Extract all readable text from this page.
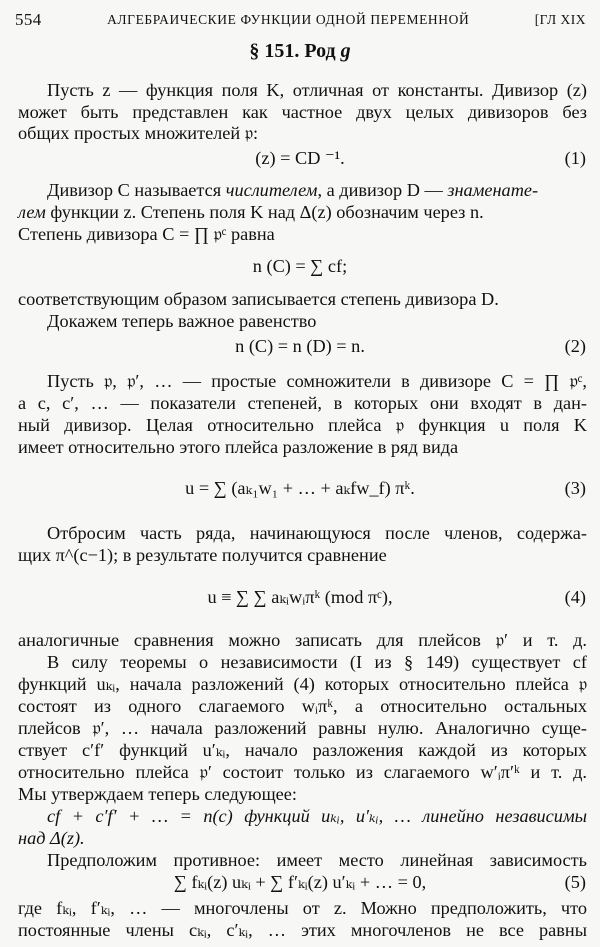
554	АЛГЕБРАИЧЕСКИЕ ФУНКЦИИ ОДНОЙ ПЕРЕМЕННОЙ	[ГЛ XIX
§ 151. Род g
Пусть z — функция поля K, отличная от константы. Дивизор (z)
может быть представлен как частное двух целых дивизоров без
общих простых множителей 𝔭:
(z) = CD ⁻¹.	(1)
Дивизор C называется числителем, а дивизор D — знаменате-
лем функции z. Степень поля K над Δ(z) обозначим через n.
Степень дивизора C = ∏ 𝔭ᶜ равна
n (C) = ∑ cf;
соответствующим образом записывается степень дивизора D.
Докажем теперь важное равенство
n (C) = n (D) = n.	(2)
Пусть 𝔭, 𝔭′, … — простые сомножители в дивизоре C = ∏ 𝔭ᶜ,
а c, c′, … — показатели степеней, в которых они входят в дан-
ный дивизор. Целая относительно плейса 𝔭 функция u поля K
имеет относительно этого плейса разложение в ряд вида
u = ∑ (aₖ₁w₁ + … + aₖfw_f) πᵏ.	(3)
Отбросим часть ряда, начинающуюся после членов, содержа-
щих π^(c−1); в результате получится сравнение
u ≡ ∑ ∑ aₖᵢwᵢπᵏ (mod πᶜ),	(4)
аналогичные сравнения можно записать для плейсов 𝔭′ и т. д.
В силу теоремы о независимости (I из § 149) существует cf
функций uₖᵢ, начала разложений (4) которых относительно плейса 𝔭
состоят из одного слагаемого wᵢπᵏ, а относительно остальных
плейсов 𝔭′, … начала разложений равны нулю. Аналогично суще-
ствует c′f′ функций u′ₖᵢ, начало разложения каждой из которых
относительно плейса 𝔭′ состоит только из слагаемого w′ᵢπ′ᵏ и т. д.
Мы утверждаем теперь следующее:
cf + c′f′ + … = n(c) функций uₖᵢ, u′ₖᵢ, … линейно независимы
над Δ(z).
Предположим противное: имеет место линейная зависимость
∑ fₖᵢ(z) uₖᵢ + ∑ f′ₖᵢ(z) u′ₖᵢ + … = 0,	(5)
где fₖᵢ, f′ₖᵢ, … — многочлены от z. Можно предположить, что
постоянные члены cₖᵢ, c′ₖᵢ, … этих многочленов не все равны
